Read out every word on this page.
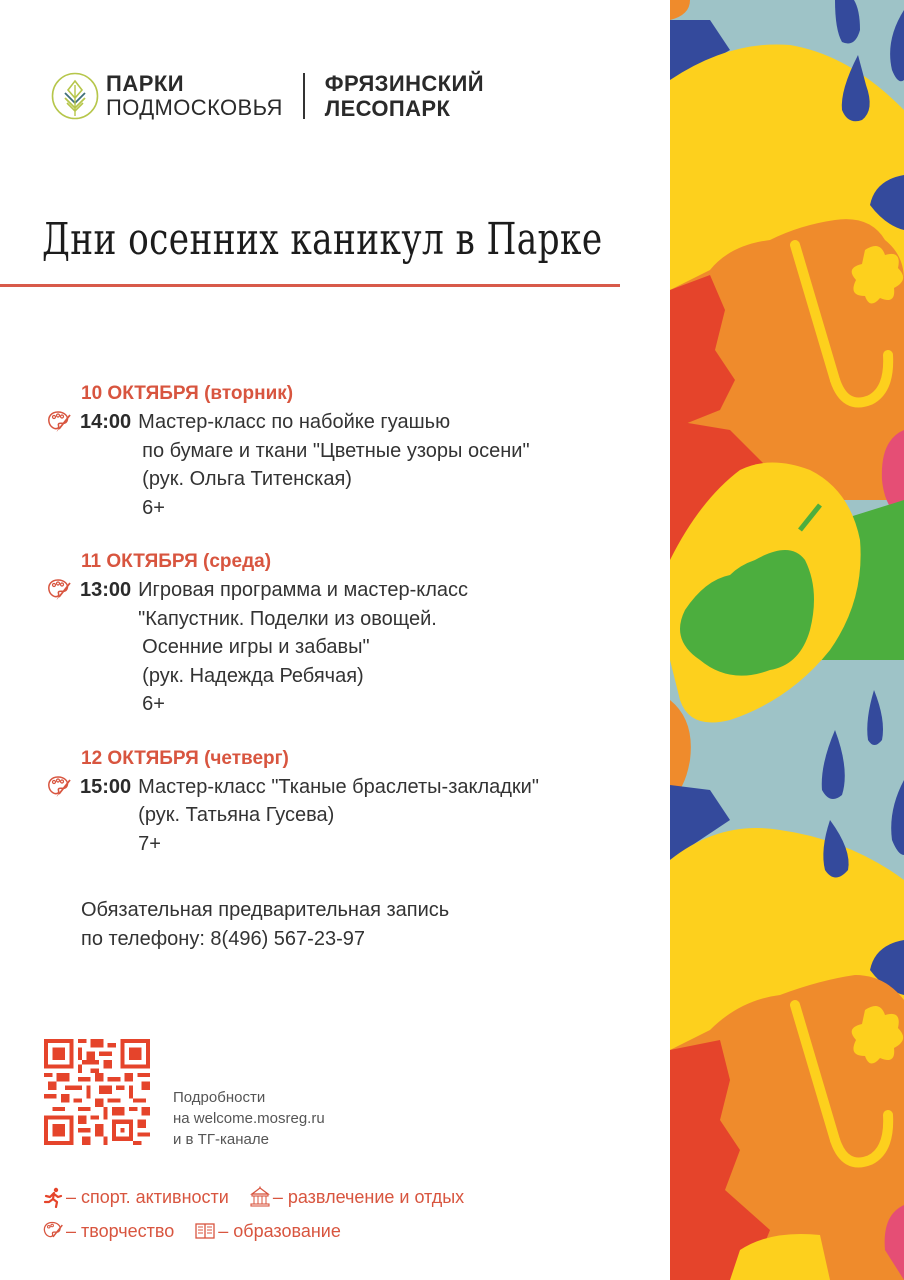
ПАРКИ
ПОДМОСКОВЬЯ
ФРЯЗИНСКИЙ
ЛЕСОПАРК
Дни осенних каникул в Парке
10 ОКТЯБРЯ (вторник)
14:00 Мастер-класс по набойке гуашью
по бумаге и ткани "Цветные узоры осени"
(рук. Ольга Титенская)
6+
11 ОКТЯБРЯ (среда)
13:00 Игровая программа и мастер-класс
"Капустник. Поделки из овощей.
Осенние игры и забавы"
(рук. Надежда Ребячая)
6+
12 ОКТЯБРЯ (четверг)
15:00 Мастер-класс "Тканые браслеты-закладки"
(рук. Татьяна Гусева)
7+
Обязательная предварительная запись
по телефону: 8(496) 567-23-97
Подробности
на welcome.mosreg.ru
и в ТГ-канале
– спорт. активности – развлечение и отдых
– творчество – образование
